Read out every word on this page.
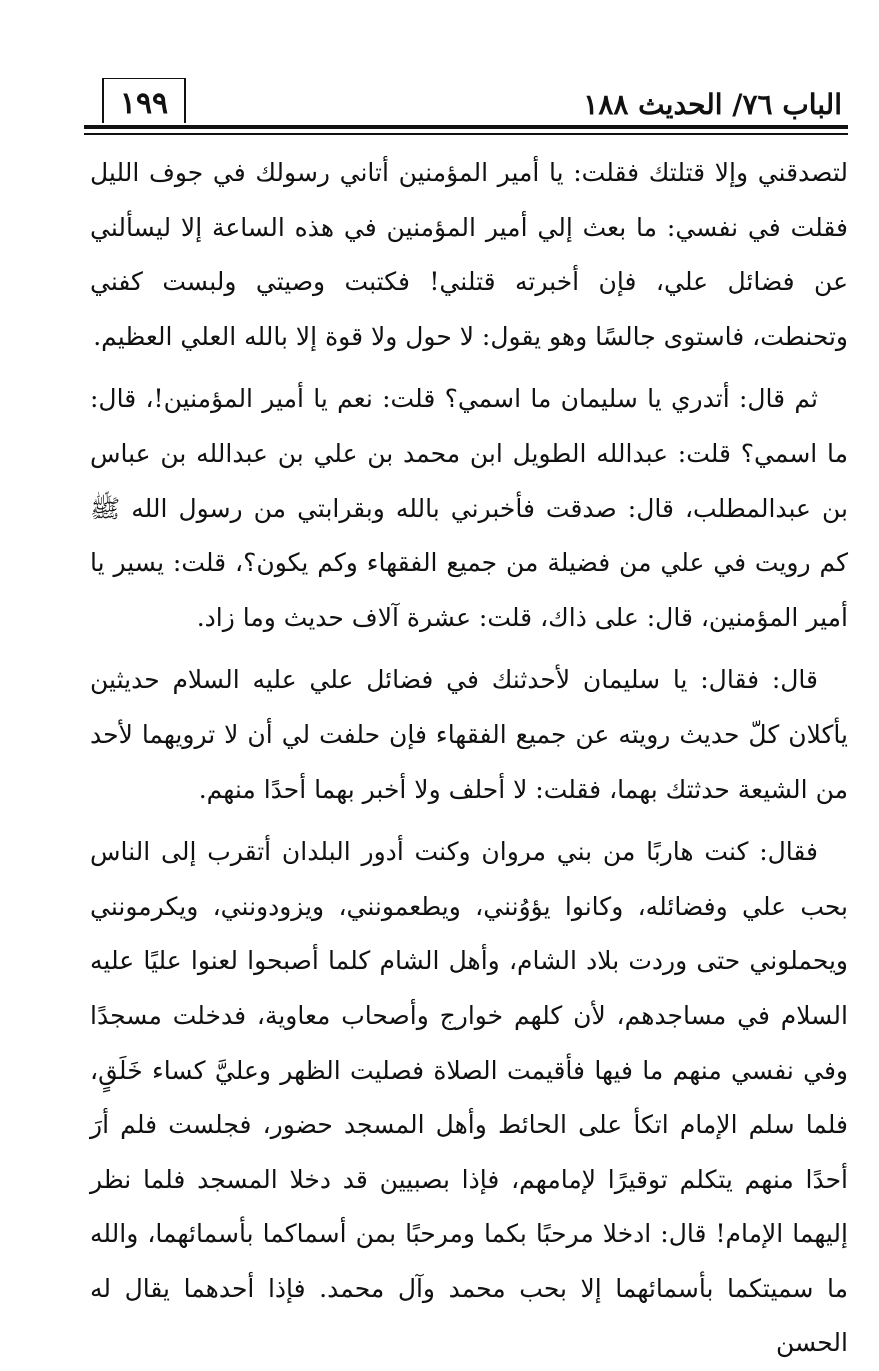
١٩٩	الباب ٧٦/ الحديث ١٨٨

لتصدقني وإلا قتلتك فقلت: يا أمير المؤمنين أتاني رسولك في جوف الليل فقلت في نفسي: ما بعث إلي أمير المؤمنين في هذه الساعة إلا ليسألني عن فضائل علي، فإن أخبرته قتلني! فكتبت وصيتي ولبست كفني وتحنطت، فاستوى جالسًا وهو يقول: لا حول ولا قوة إلا بالله العلي العظيم.

ثم قال: أتدري يا سليمان ما اسمي؟ قلت: نعم يا أمير المؤمنين!، قال: ما اسمي؟ قلت: عبدالله الطويل ابن محمد بن علي بن عبدالله بن عباس بن عبدالمطلب، قال: صدقت فأخبرني بالله وبقرابتي من رسول الله ﷺ كم رويت في علي من فضيلة من جميع الفقهاء وكم يكون؟، قلت: يسير يا أمير المؤمنين، قال: على ذاك، قلت: عشرة آلاف حديث وما زاد.

قال: فقال: يا سليمان لأحدثنك في فضائل علي عليه السلام حديثين يأكلان كلّ حديث رويته عن جميع الفقهاء فإن حلفت لي أن لا ترويهما لأحد من الشيعة حدثتك بهما، فقلت: لا أحلف ولا أخبر بهما أحدًا منهم.

فقال: كنت هاربًا من بني مروان وكنت أدور البلدان أتقرب إلى الناس بحب علي وفضائله، وكانوا يؤوُنني، ويطعمونني، ويزودونني، ويكرمونني ويحملوني حتى وردت بلاد الشام، وأهل الشام كلما أصبحوا لعنوا عليًا عليه السلام في مساجدهم، لأن كلهم خوارج وأصحاب معاوية، فدخلت مسجدًا وفي نفسي منهم ما فيها فأقيمت الصلاة فصليت الظهر وعليَّ كساء خَلَقٍ، فلما سلم الإمام اتكأ على الحائط وأهل المسجد حضور، فجلست فلم أرَ أحدًا منهم يتكلم توقيرًا لإمامهم، فإذا بصبيين قد دخلا المسجد فلما نظر إليهما الإمام! قال: ادخلا مرحبًا بكما ومرحبًا بمن أسماكما بأسمائهما، والله ما سميتكما بأسمائهما إلا بحب محمد وآل محمد. فإذا أحدهما يقال له الحسن
